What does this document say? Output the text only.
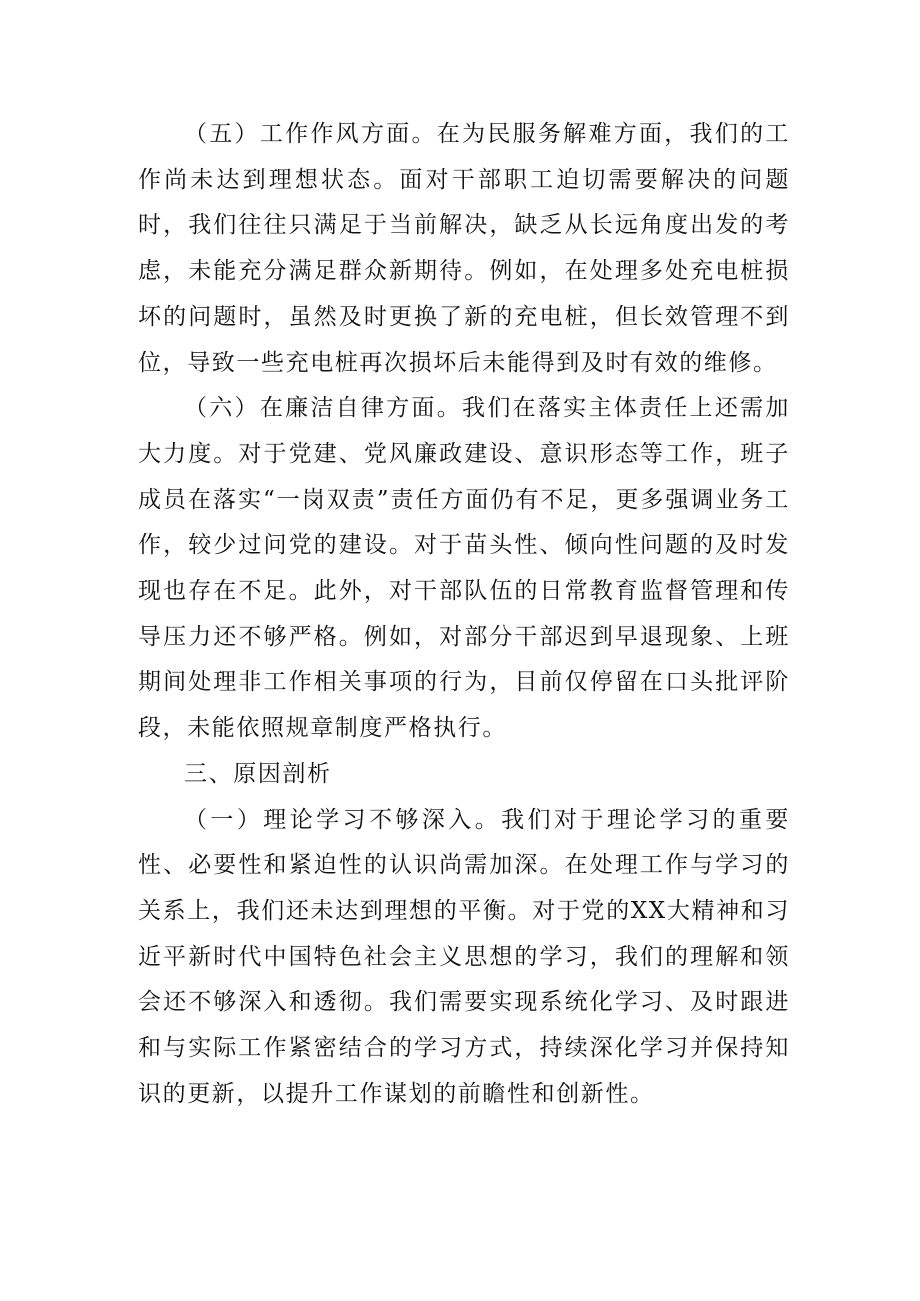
（五）工作作风方面。在为民服务解难方面，我们的工作尚未达到理想状态。面对干部职工迫切需要解决的问题时，我们往往只满足于当前解决，缺乏从长远角度出发的考虑，未能充分满足群众新期待。例如，在处理多处充电桩损坏的问题时，虽然及时更换了新的充电桩，但长效管理不到位，导致一些充电桩再次损坏后未能得到及时有效的维修。

（六）在廉洁自律方面。我们在落实主体责任上还需加大力度。对于党建、党风廉政建设、意识形态等工作，班子成员在落实“一岗双责”责任方面仍有不足，更多强调业务工作，较少过问党的建设。对于苗头性、倾向性问题的及时发现也存在不足。此外，对干部队伍的日常教育监督管理和传导压力还不够严格。例如，对部分干部迟到早退现象、上班期间处理非工作相关事项的行为，目前仅停留在口头批评阶段，未能依照规章制度严格执行。

三、原因剖析

（一）理论学习不够深入。我们对于理论学习的重要性、必要性和紧迫性的认识尚需加深。在处理工作与学习的关系上，我们还未达到理想的平衡。对于党的XX大精神和习近平新时代中国特色社会主义思想的学习，我们的理解和领会还不够深入和透彻。我们需要实现系统化学习、及时跟进和与实际工作紧密结合的学习方式，持续深化学习并保持知识的更新，以提升工作谋划的前瞻性和创新性。
